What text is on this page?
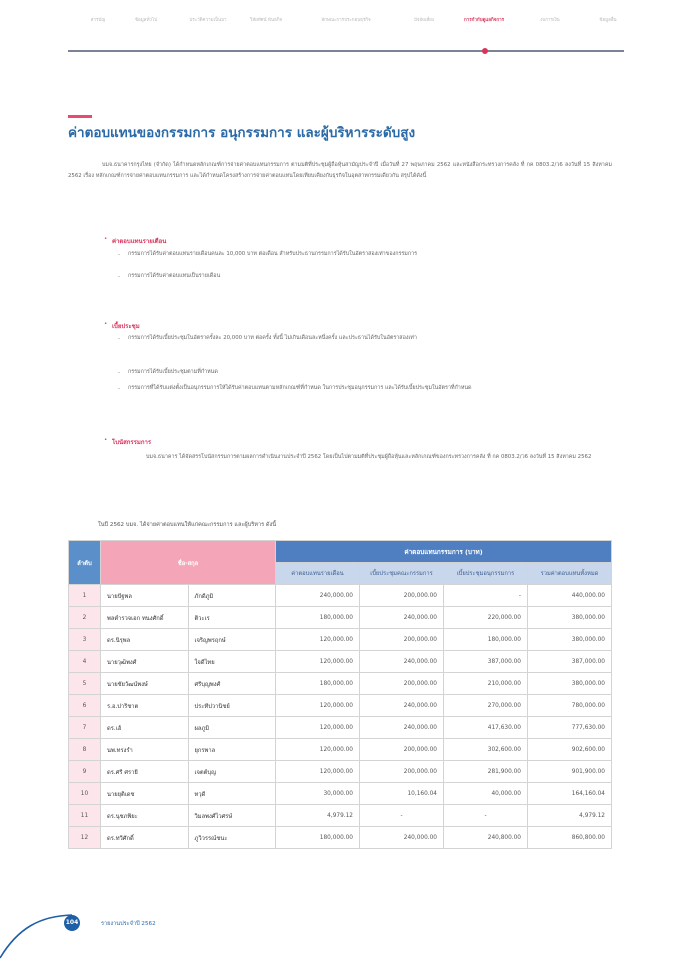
สารบัญ	ข้อมูลทั่วไป	ประวัติความเป็นมา	วิสัยทัศน์ พันธกิจ	ลักษณะการประกอบธุรกิจ	ปัจจัยเสี่ยง	การกำกับดูแลกิจการ	งบการเงิน	ข้อมูลอื่น
ค่าตอบแทนของกรรมการ อนุกรรมการ และผู้บริหารระดับสูง

บมจ.ธนาคารกรุงไทย (จำกัด) ได้กำหนดหลักเกณฑ์การจ่ายค่าตอบแทนกรรมการ ตามมติที่ประชุมผู้ถือหุ้นสามัญประจำปี เมื่อวันที่ 27 พฤษภาคม 2562 และหนังสือกระทรวงการคลัง ที่ กค 0803.2/ว6 ลงวันที่ 15 สิงหาคม 2562 เรื่อง หลักเกณฑ์การจ่ายค่าตอบแทนกรรมการ และได้กำหนดโครงสร้างการจ่ายค่าตอบแทนโดยเทียบเคียงกับธุรกิจในอุตสาหกรรมเดียวกัน สรุปได้ดังนี้

• ค่าตอบแทนรายเดือน
- กรรมการได้รับค่าตอบแทนรายเดือนคนละ 10,000 บาท ต่อเดือน สำหรับประธานกรรมการได้รับในอัตราสองเท่าของกรรมการ

- กรรมการได้รับค่าตอบแทนเป็นรายเดือน

• เบี้ยประชุม
- กรรมการได้รับเบี้ยประชุมในอัตราครั้งละ 20,000 บาท ต่อครั้ง ทั้งนี้ ไม่เกินเดือนละหนึ่งครั้ง และประธานได้รับในอัตราสองเท่า

- กรรมการได้รับเบี้ยประชุมตามที่กำหนด

- กรรมการที่ได้รับแต่งตั้งเป็นอนุกรรมการให้ได้รับค่าตอบแทนตามหลักเกณฑ์ที่กำหนด ในการประชุมอนุกรรมการ และได้รับเบี้ยประชุมในอัตราที่กำหนด

• โบนัสกรรมการ

บมจ.ธนาคาร ได้จัดสรรโบนัสกรรมการตามผลการดำเนินงานประจำปี 2562 โดยเป็นไปตามมติที่ประชุมผู้ถือหุ้นและหลักเกณฑ์ของกระทรวงการคลัง ที่ กค 0803.2/ว6 ลงวันที่ 15 สิงหาคม 2562

ในปี 2562 บมจ. ได้จ่ายค่าตอบแทนให้แก่คณะกรรมการ และผู้บริหาร ดังนี้
ลำดับ	ชื่อ-สกุล		ค่าตอบแทนกรรมการ (บาท)			
			ค่าตอบแทนรายเดือน	เบี้ยประชุมคณะกรรมการ	เบี้ยประชุมอนุกรรมการ	รวมค่าตอบแทนทั้งหมด
1	นายปัฐพล	ภักดีภูมิ	240,000.00	200,000.00	-	440,000.00
2	พลตำรวจเอก ทนงศักดิ์	ติวะเร	180,000.00	240,000.00	220,000.00	380,000.00
3	ดร.นิรุพล	เจริญพรฤกษ์	120,000.00	200,000.00	180,000.00	380,000.00
4	นายวุฒิพงศ์	ใจดีไทย	120,000.00	240,000.00	387,000.00	387,000.00
5	นายชัยวัฒน์พงษ์	ศรีบุญพงศ์	180,000.00	200,000.00	210,000.00	380,000.00
6	ร.อ.ปาริชาต	ประทีปวานิชย์	120,000.00	240,000.00	270,000.00	780,000.00
7	ดร.เฮ้	ผลภูมิ	120,000.00	240,000.00	417,630.00	777,630.00
8	นพ.ทรงรำ	ยุกรพาล	120,000.00	200,000.00	302,600.00	902,600.00
9	ดร.ศรี ศรายี	เจตต์บุญ	120,000.00	200,000.00	281,900.00	901,900.00
10	นายยุติเดช	ทวุดี	30,000.00	10,160.04	40,000.00	164,160.04
11	ดร.นุชภพิยะ	วิมลพงศ์ไวศรษ์	4,979.12	-	-	4,979.12
12	ดร.ทวีศักดิ์	ภูวิวรรณ์ชนะ	180,000.00	240,000.00	240,800.00	860,800.00
104	รายงานประจำปี 2562
